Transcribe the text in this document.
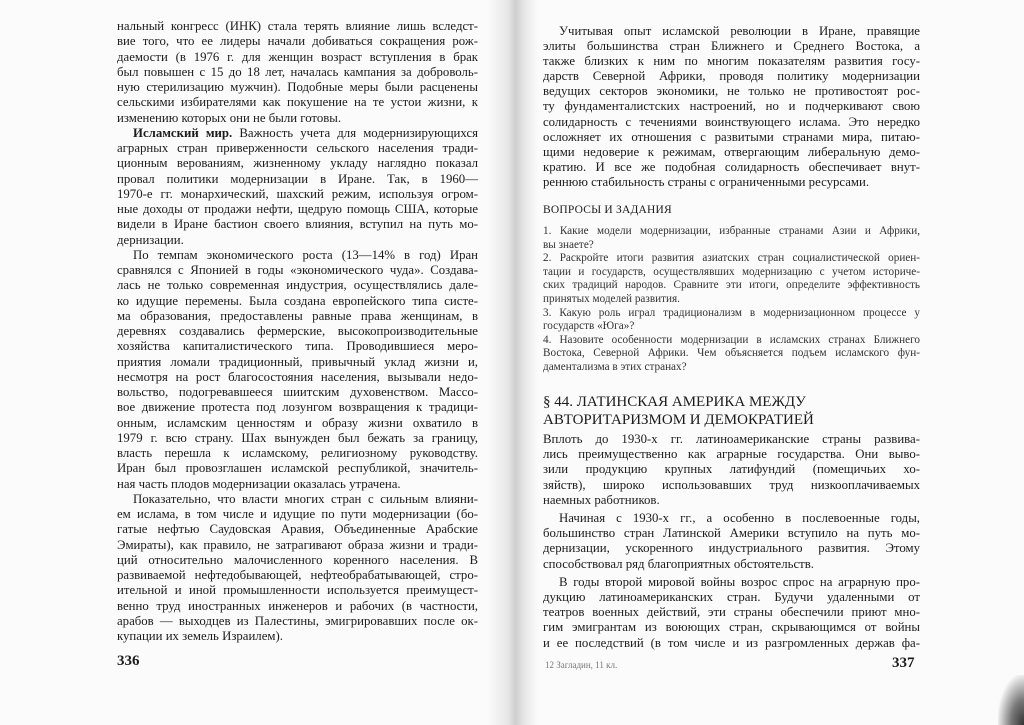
нальный конгресс (ИНК) стала терять влияние лишь вследст-
вие того, что ее лидеры начали добиваться сокращения рож-
даемости (в 1976 г. для женщин возраст вступления в брак
был повышен с 15 до 18 лет, началась кампания за доброволь-
ную стерилизацию мужчин). Подобные меры были расценены
сельскими избирателями как покушение на те устои жизни, к
изменению которых они не были готовы.
Исламский мир. Важность учета для модернизирующихся
аграрных стран приверженности сельского населения тради-
ционным верованиям, жизненному укладу наглядно показал
провал политики модернизации в Иране. Так, в 1960—
1970-е гг. монархический, шахский режим, используя огром-
ные доходы от продажи нефти, щедрую помощь США, которые
видели в Иране бастион своего влияния, вступил на путь мо-
дернизации.
По темпам экономического роста (13—14% в год) Иран
сравнялся с Японией в годы «экономического чуда». Создава-
лась не только современная индустрия, осуществлялись дале-
ко идущие перемены. Была создана европейского типа систе-
ма образования, предоставлены равные права женщинам, в
деревнях создавались фермерские, высокопроизводительные
хозяйства капиталистического типа. Проводившиеся меро-
приятия ломали традиционный, привычный уклад жизни и,
несмотря на рост благосостояния населения, вызывали недо-
вольство, подогревавшееся шиитским духовенством. Массо-
вое движение протеста под лозунгом возвращения к традици-
онным, исламским ценностям и образу жизни охватило в
1979 г. всю страну. Шах вынужден был бежать за границу,
власть перешла к исламскому, религиозному руководству.
Иран был провозглашен исламской республикой, значитель-
ная часть плодов модернизации оказалась утрачена.
Показательно, что власти многих стран с сильным влияни-
ем ислама, в том числе и идущие по пути модернизации (бо-
гатые нефтью Саудовская Аравия, Объединенные Арабские
Эмираты), как правило, не затрагивают образа жизни и тради-
ций относительно малочисленного коренного населения. В
развиваемой нефтедобывающей, нефтеобрабатывающей, стро-
ительной и иной промышленности используется преимущест-
венно труд иностранных инженеров и рабочих (в частности,
арабов — выходцев из Палестины, эмигрировавших после ок-
купации их земель Израилем).
336
Учитывая опыт исламской революции в Иране, правящие
элиты большинства стран Ближнего и Среднего Востока, а
также близких к ним по многим показателям развития госу-
дарств Северной Африки, проводя политику модернизации
ведущих секторов экономики, не только не противостоят рос-
ту фундаменталистских настроений, но и подчеркивают свою
солидарность с течениями воинствующего ислама. Это нередко
осложняет их отношения с развитыми странами мира, питаю-
щими недоверие к режимам, отвергающим либеральную демо-
кратию. И все же подобная солидарность обеспечивает внут-
реннюю стабильность страны с ограниченными ресурсами.
ВОПРОСЫ И ЗАДАНИЯ
1. Какие модели модернизации, избранные странами Азии и Африки,
вы знаете?
2. Раскройте итоги развития азиатских стран социалистической ориен-
тации и государств, осуществлявших модернизацию с учетом историче-
ских традиций народов. Сравните эти итоги, определите эффективность
принятых моделей развития.
3. Какую роль играл традиционализм в модернизационном процессе у
государств «Юга»?
4. Назовите особенности модернизации в исламских странах Ближнего
Востока, Северной Африки. Чем объясняется подъем исламского фун-
даментализма в этих странах?
§ 44. ЛАТИНСКАЯ АМЕРИКА МЕЖДУ
АВТОРИТАРИЗМОМ И ДЕМОКРАТИЕЙ
Вплоть до 1930-х гг. латиноамериканские страны развива-
лись преимущественно как аграрные государства. Они выво-
зили продукцию крупных латифундий (помещичьих хо-
зяйств), широко использовавших труд низкооплачиваемых
наемных работников.
Начиная с 1930-х гг., а особенно в послевоенные годы,
большинство стран Латинской Америки вступило на путь мо-
дернизации, ускоренного индустриального развития. Этому
способствовал ряд благоприятных обстоятельств.
В годы второй мировой войны возрос спрос на аграрную про-
дукцию латиноамериканских стран. Будучи удаленными от
театров военных действий, эти страны обеспечили приют мно-
гим эмигрантам из воюющих стран, скрывающимся от войны
и ее последствий (в том числе и из разгромленных держав фа-
12 Загладин, 11 кл.	337
